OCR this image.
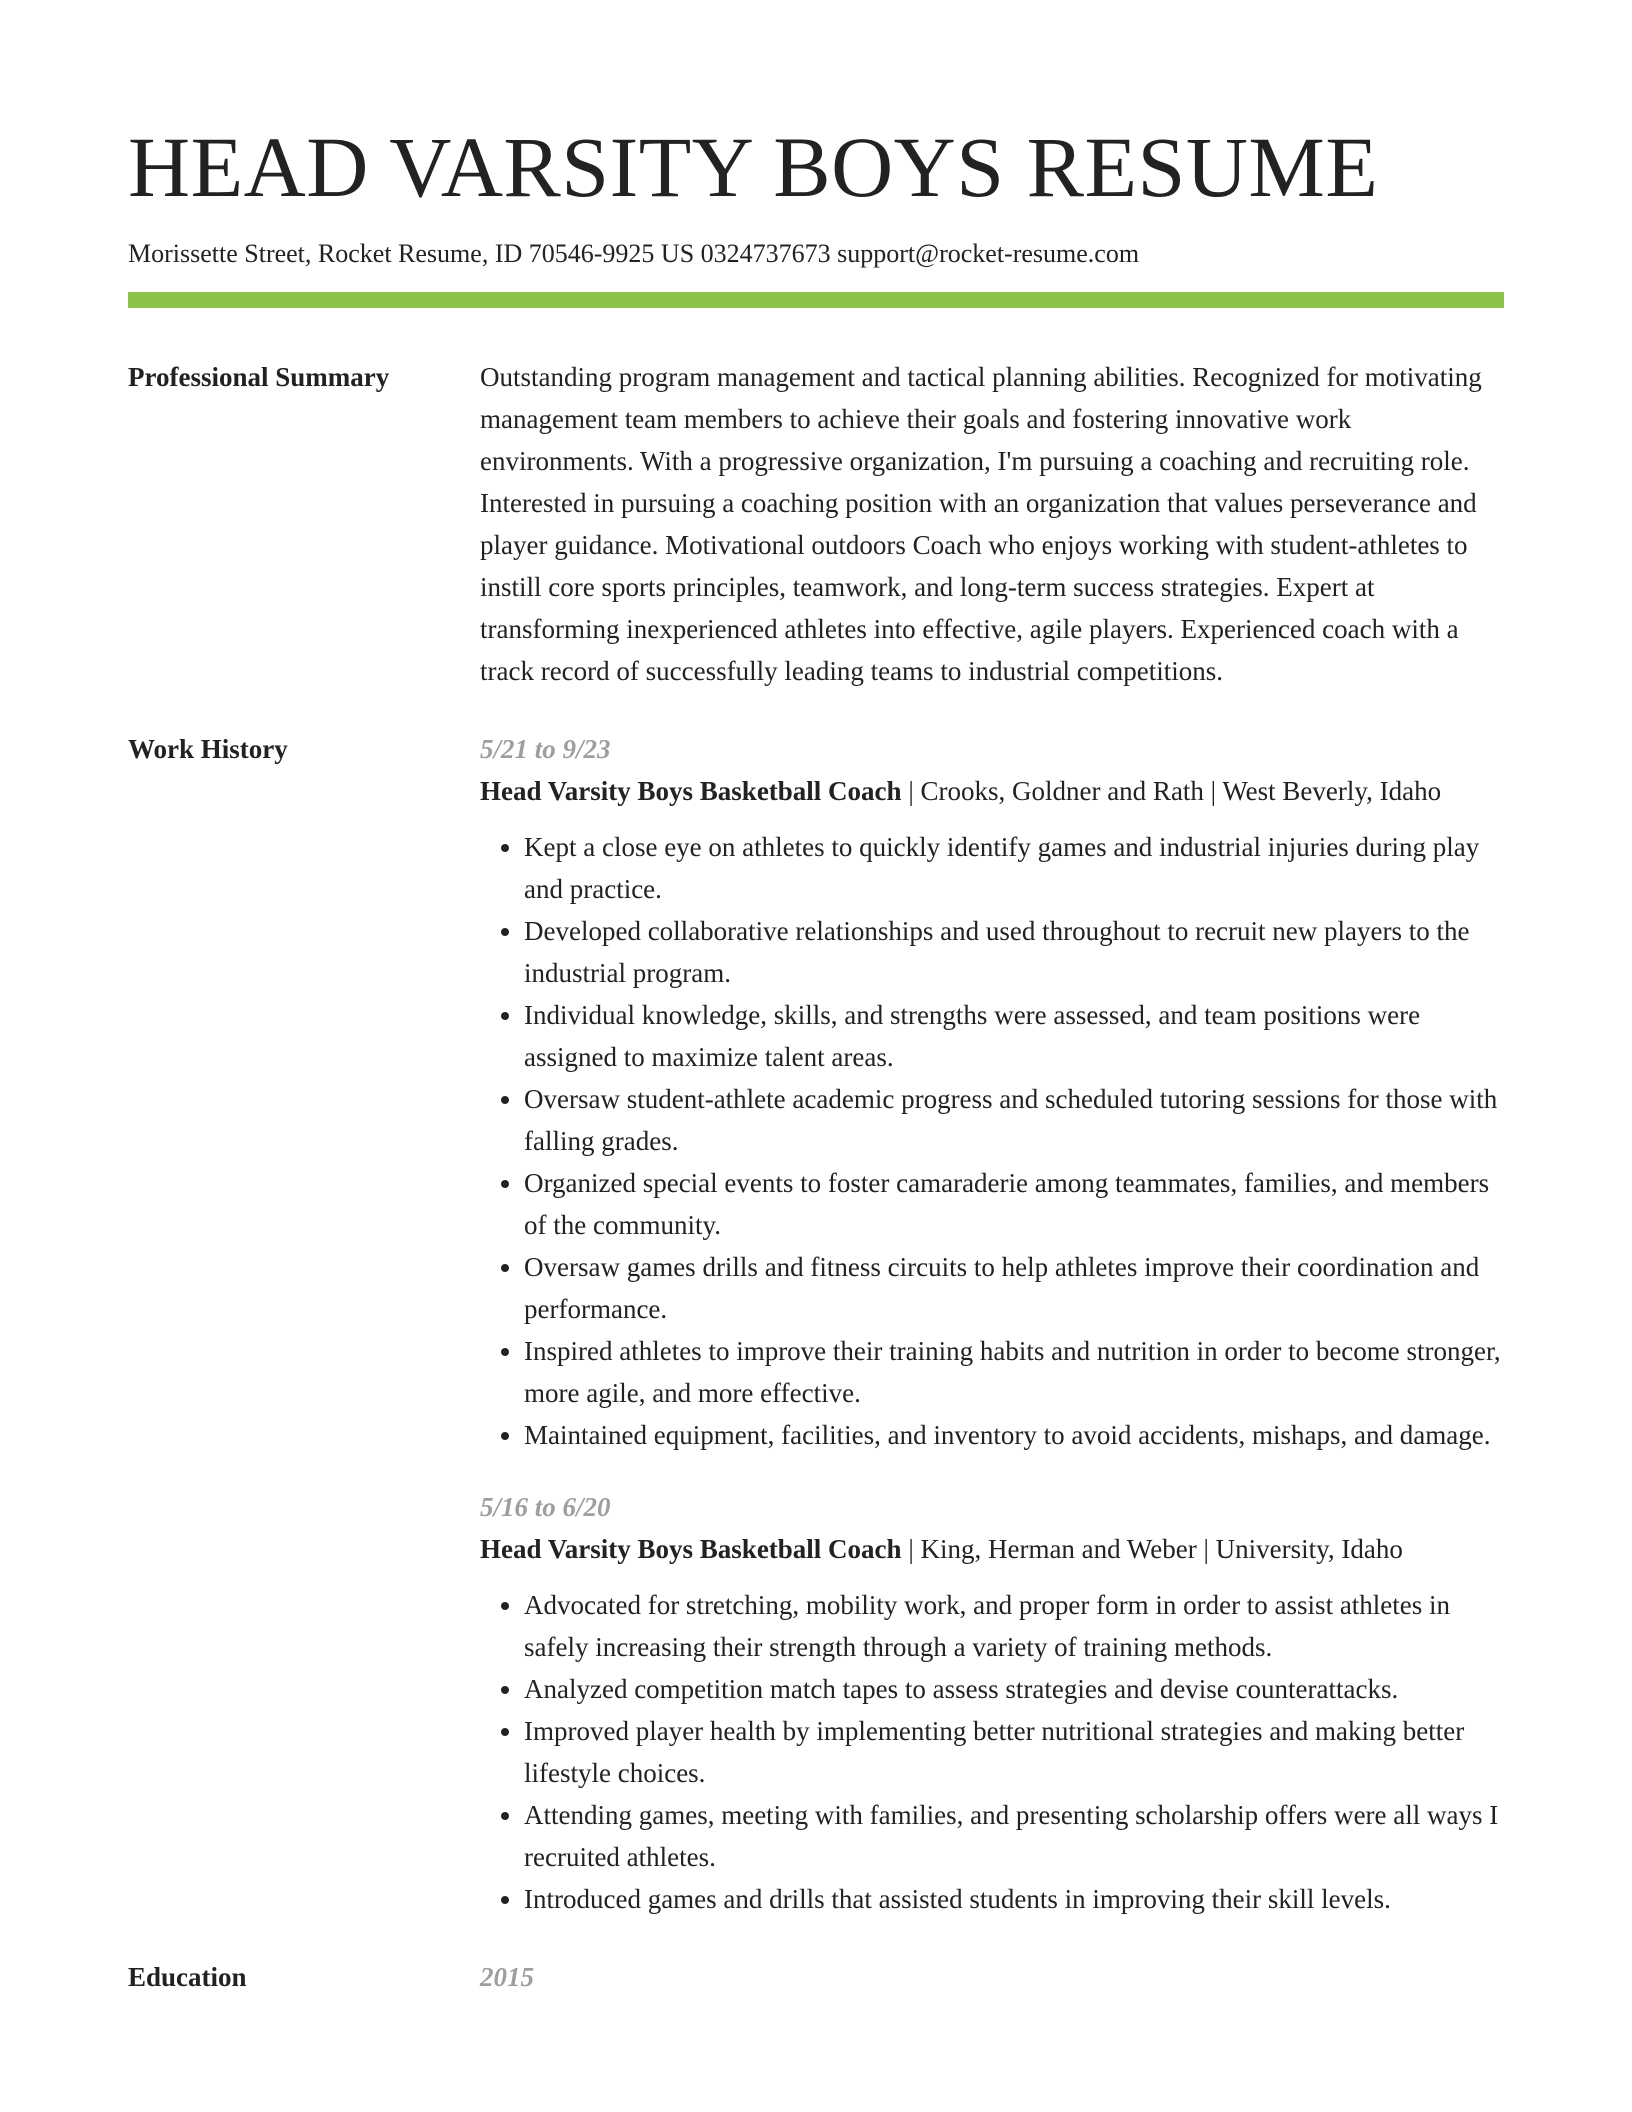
HEAD VARSITY BOYS RESUME
Morissette Street, Rocket Resume, ID 70546-9925 US 0324737673 support@rocket-resume.com
Professional Summary	Outstanding program management and tactical planning abilities. Recognized for motivating management team members to achieve their goals and fostering innovative work environments. With a progressive organization, I'm pursuing a coaching and recruiting role. Interested in pursuing a coaching position with an organization that values perseverance and player guidance. Motivational outdoors Coach who enjoys working with student-athletes to instill core sports principles, teamwork, and long-term success strategies. Expert at transforming inexperienced athletes into effective, agile players. Experienced coach with a track record of successfully leading teams to industrial competitions.

Work History	5/21 to 9/23
Head Varsity Boys Basketball Coach | Crooks, Goldner and Rath | West Beverly, Idaho
• Kept a close eye on athletes to quickly identify games and industrial injuries during play and practice.
• Developed collaborative relationships and used throughout to recruit new players to the industrial program.
• Individual knowledge, skills, and strengths were assessed, and team positions were assigned to maximize talent areas.
• Oversaw student-athlete academic progress and scheduled tutoring sessions for those with falling grades.
• Organized special events to foster camaraderie among teammates, families, and members of the community.
• Oversaw games drills and fitness circuits to help athletes improve their coordination and performance.
• Inspired athletes to improve their training habits and nutrition in order to become stronger, more agile, and more effective.
• Maintained equipment, facilities, and inventory to avoid accidents, mishaps, and damage.
5/16 to 6/20
Head Varsity Boys Basketball Coach | King, Herman and Weber | University, Idaho
• Advocated for stretching, mobility work, and proper form in order to assist athletes in safely increasing their strength through a variety of training methods.
• Analyzed competition match tapes to assess strategies and devise counterattacks.
• Improved player health by implementing better nutritional strategies and making better lifestyle choices.
• Attending games, meeting with families, and presenting scholarship offers were all ways I recruited athletes.
• Introduced games and drills that assisted students in improving their skill levels.
Education	2015
